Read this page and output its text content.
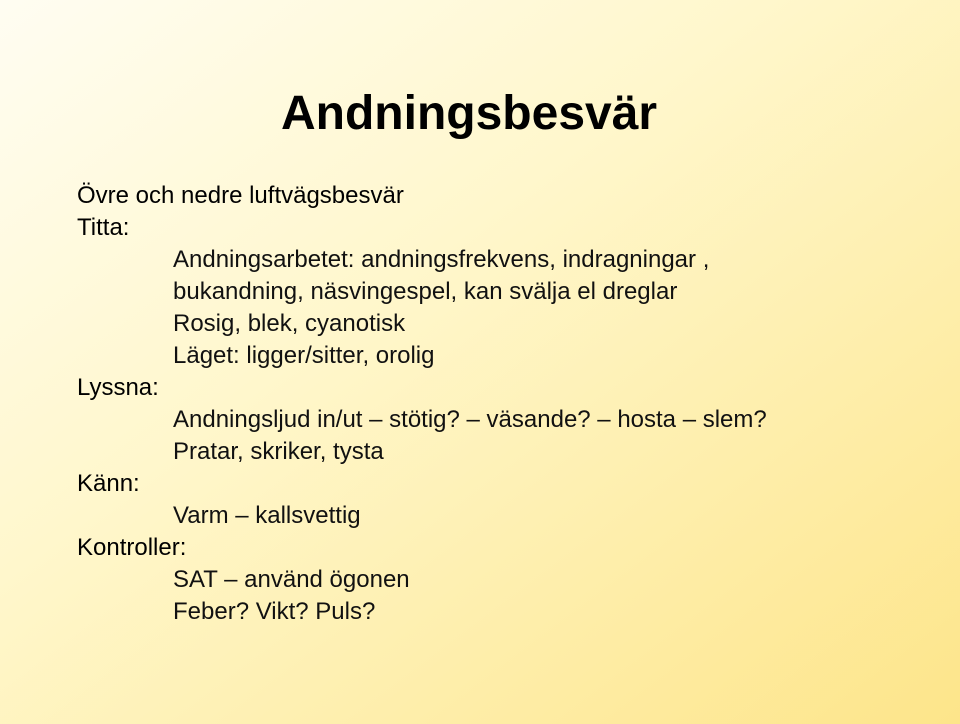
Andningsbesvär
Övre och nedre luftvägsbesvär
Titta:
Andningsarbetet: andningsfrekvens, indragningar ,
bukandning, näsvingespel, kan svälja el dreglar
Rosig, blek, cyanotisk
Läget: ligger/sitter, orolig
Lyssna:
Andningsljud in/ut – stötig? – väsande? – hosta – slem?
Pratar, skriker, tysta
Känn:
Varm – kallsvettig
Kontroller:
SAT – använd ögonen
Feber? Vikt? Puls?
